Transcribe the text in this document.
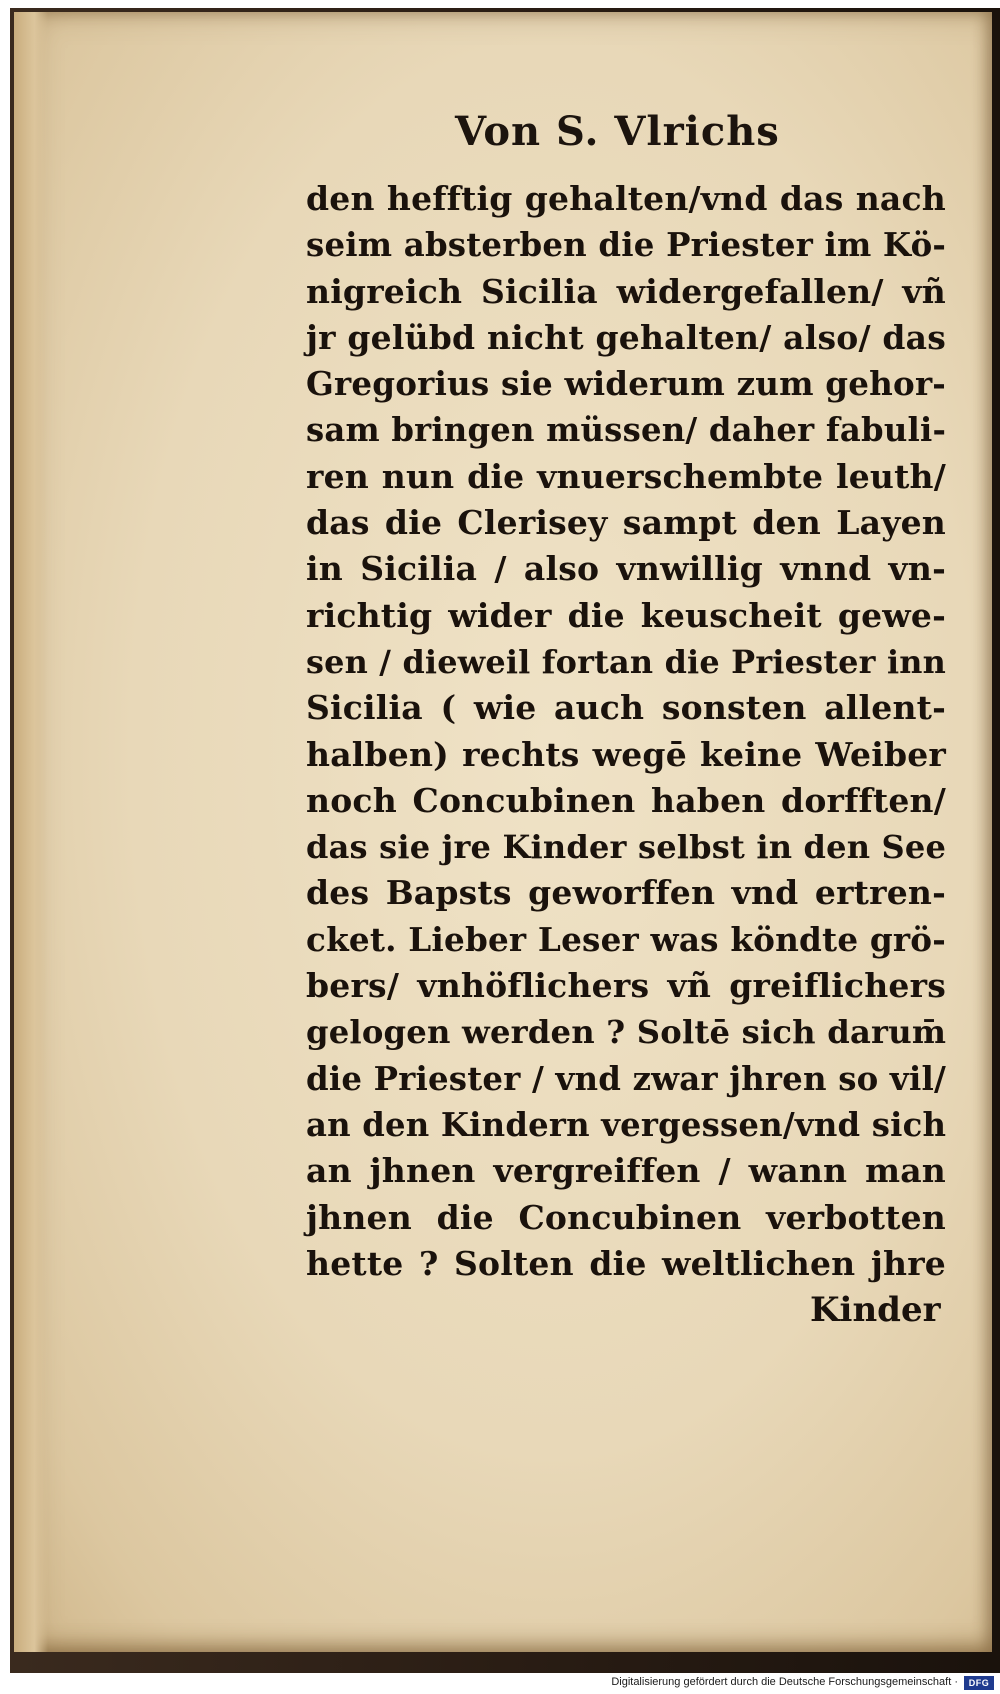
Von S. Vlrichs
den hefftig gehalten/vnd das nach
seim absterben die Priester im Kö-
nigreich Sicilia widergefallen/ vñ
jr gelübd nicht gehalten/ also/ das
Gregorius sie widerum zum gehor-
sam bringen müssen/ daher fabuli-
ren nun die vnuerschembte leuth/
das die Clerisey sampt den Layen
in Sicilia / also vnwillig vnnd vn-
richtig wider die keuscheit gewe-
sen / dieweil fortan die Priester inn
Sicilia ( wie auch sonsten allent-
halben) rechts wegē keine Weiber
noch Concubinen haben dorfften/
das sie jre Kinder selbst in den See
des Bapsts geworffen vnd ertren-
cket. Lieber Leser was köndte grö-
bers/ vnhöflichers vñ greiflichers
gelogen werden ? Soltē sich darum̄
die Priester / vnd zwar jhren so vil/
an den Kindern vergessen/vnd sich
an jhnen vergreiffen / wann man
jhnen die Concubinen verbotten
hette ? Solten die weltlichen jhre
Kinder
Digitalisierung gefördert durch die Deutsche Forschungsgemeinschaft ·	DFG
